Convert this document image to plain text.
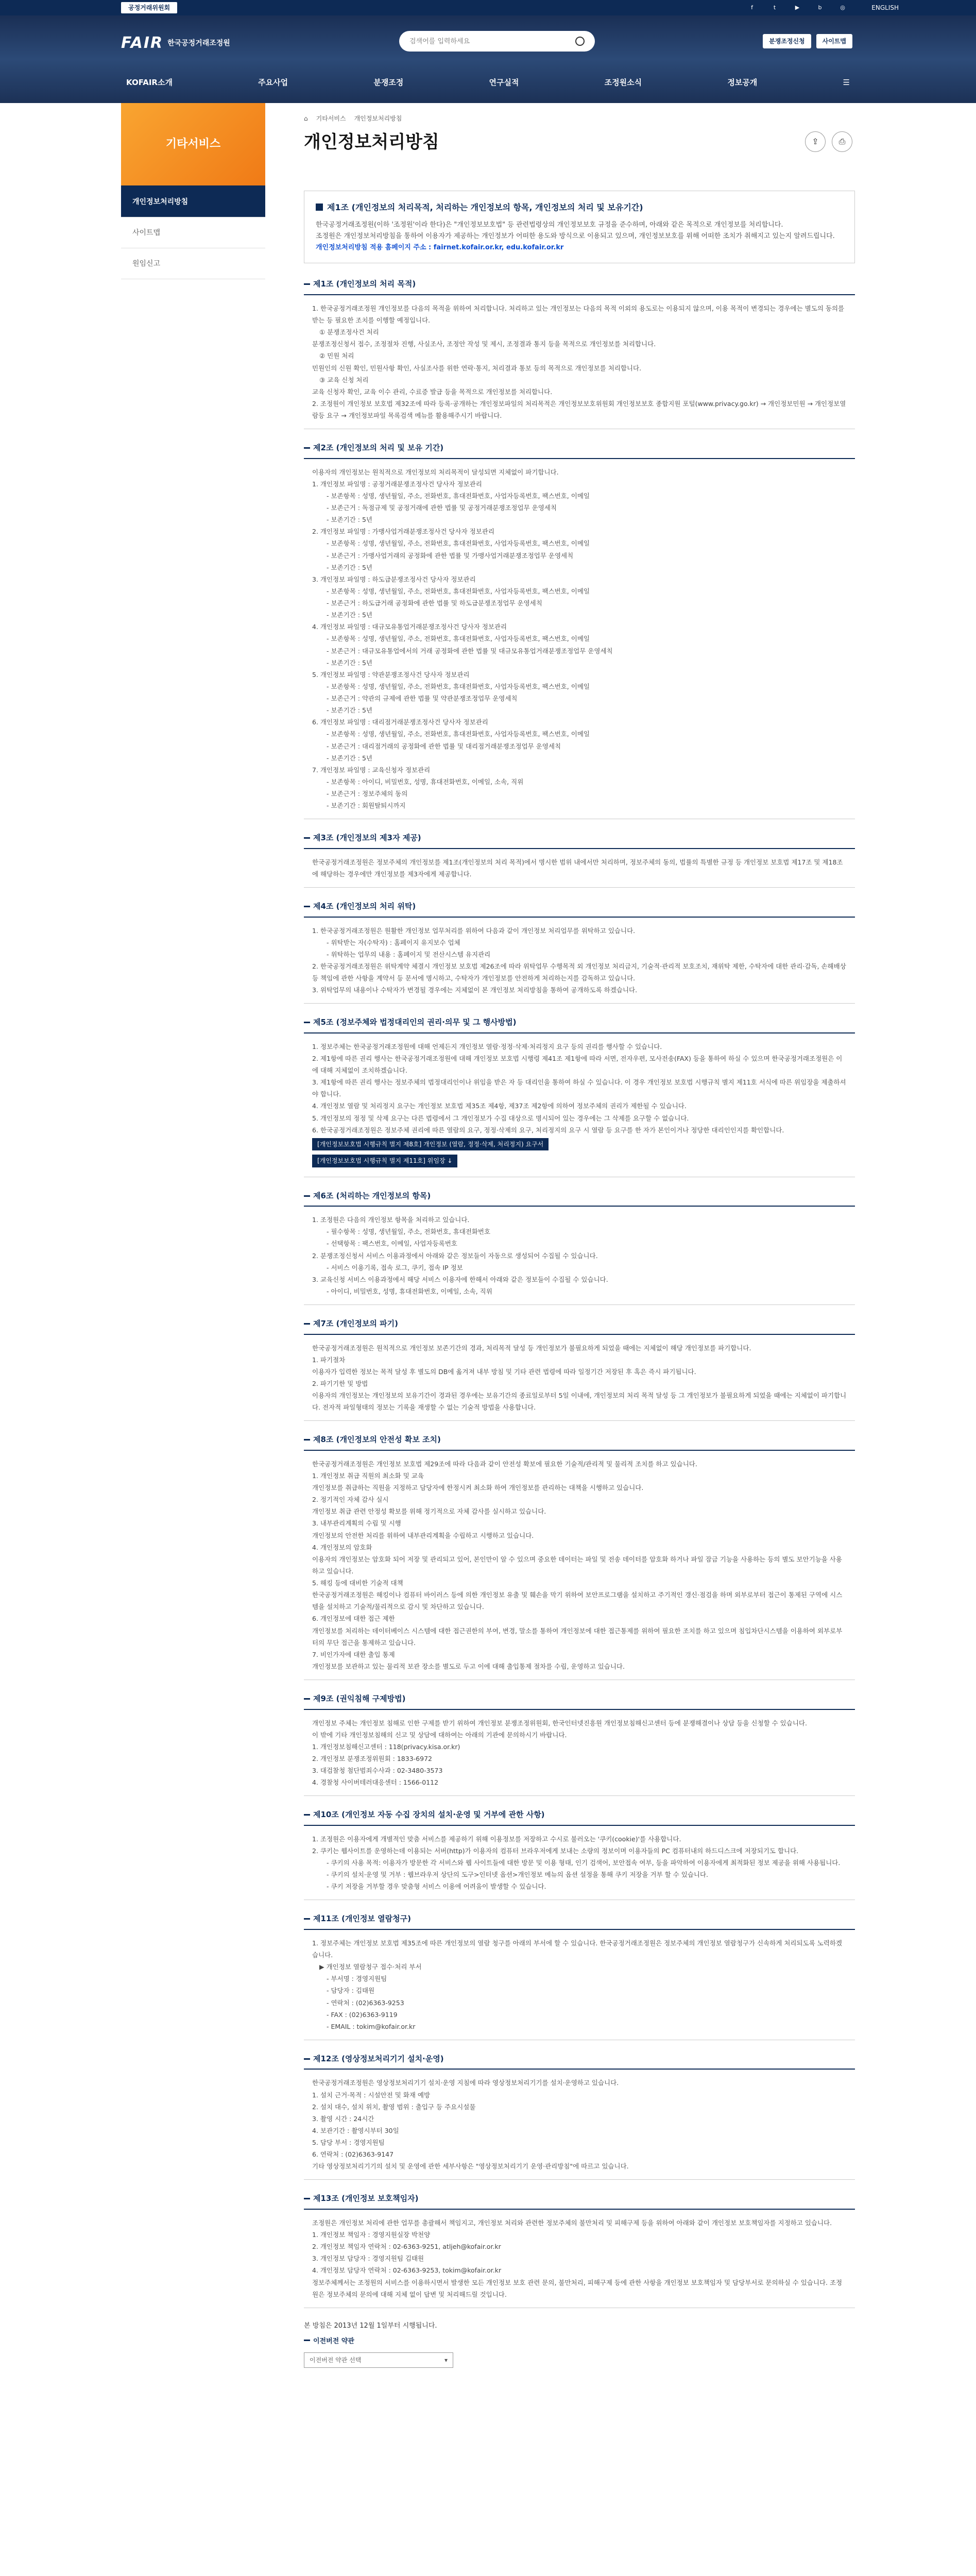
공정거래위원회	f	t	▶	b	◎	ENGLISH
FAIR 한국공정거래조정원
검색어를 입력하세요	분쟁조정신청	사이트맵
KOFAIR소개	주요사업	분쟁조정	연구실적	조정원소식	정보공개	☰
기타서비스
⌂ 기타서비스 개인정보처리방침
개인정보처리방침	⇪	⎙
개인정보처리방침
사이트맵
원임신고
제1조 (개인정보의 처리목적, 처리하는 개인정보의 항목, 개인정보의 처리 및 보유기간)

한국공정거래조정원(이하 '조정원'이라 한다)은 "개인정보보호법" 등 관련법령상의 개인정보보호 규정을 준수하며, 아래와 같은 목적으로 개인정보를 처리합니다.

조정원은 개인정보처리방침을 통하여 이용자가 제공하는 개인정보가 어떠한 용도와 방식으로 이용되고 있으며, 개인정보보호를 위해 어떠한 조치가 취해지고 있는지 알려드립니다.

개인정보처리방침 적용 홈페이지 주소 : fairnet.kofair.or.kr, edu.kofair.or.kr

제1조 (개인정보의 처리 목적)

1. 한국공정거래조정원 개인정보를 다음의 목적을 위하여 처리합니다. 처리하고 있는 개인정보는 다음의 목적 이외의 용도로는 이용되지 않으며, 이용 목적이 변경되는 경우에는 별도의 동의를 받는 등 필요한 조치를 이행할 예정입니다.

① 분쟁조정사건 처리

분쟁조정신청서 접수, 조정절차 진행, 사실조사, 조정안 작성 및 제시, 조정결과 통지 등을 목적으로 개인정보를 처리합니다.

② 민원 처리

민원인의 신원 확인, 민원사항 확인, 사실조사를 위한 연락·통지, 처리결과 통보 등의 목적으로 개인정보를 처리합니다.

③ 교육 신청 처리

교육 신청자 확인, 교육 이수 관리, 수료증 발급 등을 목적으로 개인정보를 처리합니다.

2. 조정원이 개인정보 보호법 제32조에 따라 등록·공개하는 개인정보파일의 처리목적은 개인정보보호위원회 개인정보보호 종합지원 포털(www.privacy.go.kr) → 개인정보민원 → 개인정보열람등 요구 → 개인정보파일 목록검색 메뉴를 활용해주시기 바랍니다.

제2조 (개인정보의 처리 및 보유 기간)

이용자의 개인정보는 원칙적으로 개인정보의 처리목적이 달성되면 지체없이 파기합니다.

1. 개인정보 파일명 : 공정거래분쟁조정사건 당사자 정보관리

- 보존항목 : 성명, 생년월일, 주소, 전화번호, 휴대전화번호, 사업자등록번호, 팩스번호, 이메일

- 보존근거 : 독점규제 및 공정거래에 관한 법률 및 공정거래분쟁조정업무 운영세칙

- 보존기간 : 5년

2. 개인정보 파일명 : 가맹사업거래분쟁조정사건 당사자 정보관리

- 보존항목 : 성명, 생년월일, 주소, 전화번호, 휴대전화번호, 사업자등록번호, 팩스번호, 이메일

- 보존근거 : 가맹사업거래의 공정화에 관한 법률 및 가맹사업거래분쟁조정업무 운영세칙

- 보존기간 : 5년

3. 개인정보 파일명 : 하도급분쟁조정사건 당사자 정보관리

- 보존항목 : 성명, 생년월일, 주소, 전화번호, 휴대전화번호, 사업자등록번호, 팩스번호, 이메일

- 보존근거 : 하도급거래 공정화에 관한 법률 및 하도급분쟁조정업무 운영세칙

- 보존기간 : 5년

4. 개인정보 파일명 : 대규모유통업거래분쟁조정사건 당사자 정보관리

- 보존항목 : 성명, 생년월일, 주소, 전화번호, 휴대전화번호, 사업자등록번호, 팩스번호, 이메일

- 보존근거 : 대규모유통업에서의 거래 공정화에 관한 법률 및 대규모유통업거래분쟁조정업무 운영세칙

- 보존기간 : 5년

5. 개인정보 파일명 : 약관분쟁조정사건 당사자 정보관리

- 보존항목 : 성명, 생년월일, 주소, 전화번호, 휴대전화번호, 사업자등록번호, 팩스번호, 이메일

- 보존근거 : 약관의 규제에 관한 법률 및 약관분쟁조정업무 운영세칙

- 보존기간 : 5년

6. 개인정보 파일명 : 대리점거래분쟁조정사건 당사자 정보관리

- 보존항목 : 성명, 생년월일, 주소, 전화번호, 휴대전화번호, 사업자등록번호, 팩스번호, 이메일

- 보존근거 : 대리점거래의 공정화에 관한 법률 및 대리점거래분쟁조정업무 운영세칙

- 보존기간 : 5년

7. 개인정보 파일명 : 교육신청자 정보관리

- 보존항목 : 아이디, 비밀번호, 성명, 휴대전화번호, 이메일, 소속, 직위

- 보존근거 : 정보주체의 동의

- 보존기간 : 회원탈퇴시까지

제3조 (개인정보의 제3자 제공)

한국공정거래조정원은 정보주체의 개인정보를 제1조(개인정보의 처리 목적)에서 명시한 범위 내에서만 처리하며, 정보주체의 동의, 법률의 특별한 규정 등 개인정보 보호법 제17조 및 제18조에 해당하는 경우에만 개인정보를 제3자에게 제공합니다.

제4조 (개인정보의 처리 위탁)

1. 한국공정거래조정원은 원활한 개인정보 업무처리를 위하여 다음과 같이 개인정보 처리업무를 위탁하고 있습니다.

- 위탁받는 자(수탁자) : 홈페이지 유지보수 업체

- 위탁하는 업무의 내용 : 홈페이지 및 전산시스템 유지관리

2. 한국공정거래조정원은 위탁계약 체결시 개인정보 보호법 제26조에 따라 위탁업무 수행목적 외 개인정보 처리금지, 기술적·관리적 보호조치, 재위탁 제한, 수탁자에 대한 관리·감독, 손해배상 등 책임에 관한 사항을 계약서 등 문서에 명시하고, 수탁자가 개인정보를 안전하게 처리하는지를 감독하고 있습니다.

3. 위탁업무의 내용이나 수탁자가 변경될 경우에는 지체없이 본 개인정보 처리방침을 통하여 공개하도록 하겠습니다.

제5조 (정보주체와 법정대리인의 권리·의무 및 그 행사방법)

1. 정보주체는 한국공정거래조정원에 대해 언제든지 개인정보 열람·정정·삭제·처리정지 요구 등의 권리를 행사할 수 있습니다.

2. 제1항에 따른 권리 행사는 한국공정거래조정원에 대해 개인정보 보호법 시행령 제41조 제1항에 따라 서면, 전자우편, 모사전송(FAX) 등을 통하여 하실 수 있으며 한국공정거래조정원은 이에 대해 지체없이 조치하겠습니다.

3. 제1항에 따른 권리 행사는 정보주체의 법정대리인이나 위임을 받은 자 등 대리인을 통하여 하실 수 있습니다. 이 경우 개인정보 보호법 시행규칙 별지 제11호 서식에 따른 위임장을 제출하셔야 합니다.

4. 개인정보 열람 및 처리정지 요구는 개인정보 보호법 제35조 제4항, 제37조 제2항에 의하여 정보주체의 권리가 제한될 수 있습니다.

5. 개인정보의 정정 및 삭제 요구는 다른 법령에서 그 개인정보가 수집 대상으로 명시되어 있는 경우에는 그 삭제를 요구할 수 없습니다.

6. 한국공정거래조정원은 정보주체 권리에 따른 열람의 요구, 정정·삭제의 요구, 처리정지의 요구 시 열람 등 요구를 한 자가 본인이거나 정당한 대리인인지를 확인합니다.

[개인정보보호법 시행규칙 별지 제8호] 개인정보 (열람, 정정·삭제, 처리정지) 요구서
[개인정보보호법 시행규칙 별지 제11호] 위임장 ↓
제6조 (처리하는 개인정보의 항목)

1. 조정원은 다음의 개인정보 항목을 처리하고 있습니다.

- 필수항목 : 성명, 생년월일, 주소, 전화번호, 휴대전화번호

- 선택항목 : 팩스번호, 이메일, 사업자등록번호

2. 분쟁조정신청서 서비스 이용과정에서 아래와 같은 정보들이 자동으로 생성되어 수집될 수 있습니다.

- 서비스 이용기록, 접속 로그, 쿠키, 접속 IP 정보

3. 교육신청 서비스 이용과정에서 해당 서비스 이용자에 한해서 아래와 같은 정보들이 수집될 수 있습니다.

- 아이디, 비밀번호, 성명, 휴대전화번호, 이메일, 소속, 직위

제7조 (개인정보의 파기)

한국공정거래조정원은 원칙적으로 개인정보 보존기간의 경과, 처리목적 달성 등 개인정보가 불필요하게 되었을 때에는 지체없이 해당 개인정보를 파기합니다.

1. 파기절차

이용자가 입력한 정보는 목적 달성 후 별도의 DB에 옮겨져 내부 방침 및 기타 관련 법령에 따라 일정기간 저장된 후 혹은 즉시 파기됩니다.

2. 파기기한 및 방법

이용자의 개인정보는 개인정보의 보유기간이 경과된 경우에는 보유기간의 종료일로부터 5일 이내에, 개인정보의 처리 목적 달성 등 그 개인정보가 불필요하게 되었을 때에는 지체없이 파기합니다. 전자적 파일형태의 정보는 기록을 재생할 수 없는 기술적 방법을 사용합니다.

제8조 (개인정보의 안전성 확보 조치)

한국공정거래조정원은 개인정보 보호법 제29조에 따라 다음과 같이 안전성 확보에 필요한 기술적/관리적 및 물리적 조치를 하고 있습니다.

1. 개인정보 취급 직원의 최소화 및 교육

개인정보를 취급하는 직원을 지정하고 담당자에 한정시켜 최소화 하여 개인정보를 관리하는 대책을 시행하고 있습니다.

2. 정기적인 자체 감사 실시

개인정보 취급 관련 안정성 확보를 위해 정기적으로 자체 감사를 실시하고 있습니다.

3. 내부관리계획의 수립 및 시행

개인정보의 안전한 처리를 위하여 내부관리계획을 수립하고 시행하고 있습니다.

4. 개인정보의 암호화

이용자의 개인정보는 암호화 되어 저장 및 관리되고 있어, 본인만이 알 수 있으며 중요한 데이터는 파일 및 전송 데이터를 암호화 하거나 파일 잠금 기능을 사용하는 등의 별도 보안기능을 사용하고 있습니다.

5. 해킹 등에 대비한 기술적 대책

한국공정거래조정원은 해킹이나 컴퓨터 바이러스 등에 의한 개인정보 유출 및 훼손을 막기 위하여 보안프로그램을 설치하고 주기적인 갱신·점검을 하며 외부로부터 접근이 통제된 구역에 시스템을 설치하고 기술적/물리적으로 감시 및 차단하고 있습니다.

6. 개인정보에 대한 접근 제한

개인정보를 처리하는 데이터베이스 시스템에 대한 접근권한의 부여, 변경, 말소를 통하여 개인정보에 대한 접근통제를 위하여 필요한 조치를 하고 있으며 침입차단시스템을 이용하여 외부로부터의 무단 접근을 통제하고 있습니다.

7. 비인가자에 대한 출입 통제

개인정보를 보관하고 있는 물리적 보관 장소를 별도로 두고 이에 대해 출입통제 절차를 수립, 운영하고 있습니다.

제9조 (권익침해 구제방법)

개인정보 주체는 개인정보 침해로 인한 구제를 받기 위하여 개인정보 분쟁조정위원회, 한국인터넷진흥원 개인정보침해신고센터 등에 분쟁해결이나 상담 등을 신청할 수 있습니다.

이 밖에 기타 개인정보침해의 신고 및 상담에 대하여는 아래의 기관에 문의하시기 바랍니다.

1. 개인정보침해신고센터 : 118(privacy.kisa.or.kr)

2. 개인정보 분쟁조정위원회 : 1833-6972

3. 대검찰청 첨단범죄수사과 : 02-3480-3573

4. 경찰청 사이버테러대응센터 : 1566-0112

제10조 (개인정보 자동 수집 장치의 설치·운영 및 거부에 관한 사항)

1. 조정원은 이용자에게 개별적인 맞춤 서비스를 제공하기 위해 이용정보를 저장하고 수시로 불러오는 '쿠키(cookie)'를 사용합니다.

2. 쿠키는 웹사이트를 운영하는데 이용되는 서버(http)가 이용자의 컴퓨터 브라우저에게 보내는 소량의 정보이며 이용자들의 PC 컴퓨터내의 하드디스크에 저장되기도 합니다.

- 쿠키의 사용 목적: 이용자가 방문한 각 서비스와 웹 사이트들에 대한 방문 및 이용 형태, 인기 검색어, 보안접속 여부, 등을 파악하여 이용자에게 최적화된 정보 제공을 위해 사용됩니다.

- 쿠키의 설치·운영 및 거부 : 웹브라우저 상단의 도구>인터넷 옵션>개인정보 메뉴의 옵션 설정을 통해 쿠키 저장을 거부 할 수 있습니다.

- 쿠키 저장을 거부할 경우 맞춤형 서비스 이용에 어려움이 발생할 수 있습니다.

제11조 (개인정보 열람청구)

1. 정보주체는 개인정보 보호법 제35조에 따른 개인정보의 열람 청구를 아래의 부서에 할 수 있습니다. 한국공정거래조정원은 정보주체의 개인정보 열람청구가 신속하게 처리되도록 노력하겠습니다.

▶ 개인정보 열람청구 접수·처리 부서

- 부서명 : 경영지원팀

- 담당자 : 김태원

- 연락처 : (02)6363-9253

- FAX : (02)6363-9119

- EMAIL : tokim@kofair.or.kr

제12조 (영상정보처리기기 설치·운영)

한국공정거래조정원은 영상정보처리기기 설치·운영 지침에 따라 영상정보처리기기를 설치·운영하고 있습니다.

1. 설치 근거·목적 : 시설안전 및 화재 예방

2. 설치 대수, 설치 위치, 촬영 범위 : 출입구 등 주요시설물

3. 촬영 시간 : 24시간

4. 보관기간 : 촬영시부터 30일

5. 담당 부서 : 경영지원팀

6. 연락처 : (02)6363-9147

기타 영상정보처리기기의 설치 및 운영에 관한 세부사항은 "영상정보처리기기 운영·관리방침"에 따르고 있습니다.

제13조 (개인정보 보호책임자)

조정원은 개인정보 처리에 관한 업무를 총괄해서 책임지고, 개인정보 처리와 관련한 정보주체의 불만처리 및 피해구제 등을 위하여 아래와 같이 개인정보 보호책임자를 지정하고 있습니다.

1. 개인정보 책임자 : 경영지원실장 박천양

2. 개인정보 책임자 연락처 : 02-6363-9251, atljeh@kofair.or.kr

3. 개인정보 담당자 : 경영지원팀 김태원

4. 개인정보 담당자 연락처 : 02-6363-9253, tokim@kofair.or.kr

정보주체께서는 조정원의 서비스를 이용하시면서 발생한 모든 개인정보 보호 관련 문의, 불만처리, 피해구제 등에 관한 사항을 개인정보 보호책임자 및 담당부서로 문의하실 수 있습니다. 조정원은 정보주체의 문의에 대해 지체 없이 답변 및 처리해드릴 것입니다.

본 방침은 2013년 12월 1일부터 시행됩니다.

이전버전 약관

이전버전 약관 선택	▾
